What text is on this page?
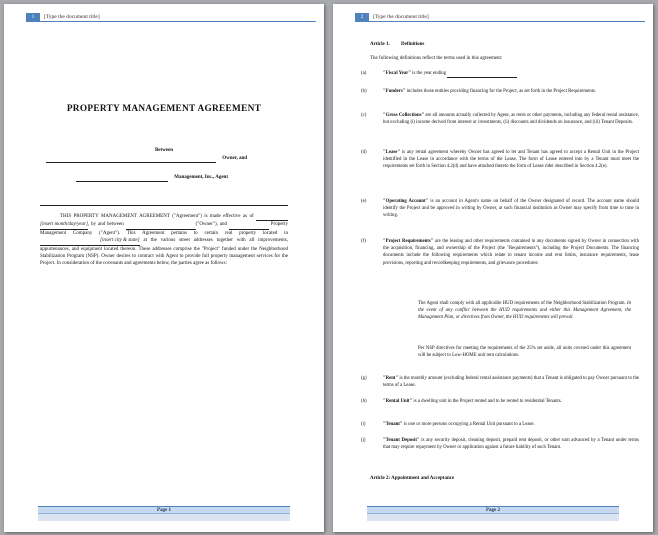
1	[Type the document title]
PROPERTY MANAGEMENT AGREEMENT
Between
Owner, and
Management, Inc., Agent
THIS PROPERTY MANAGEMENT AGREEMENT ("Agreement") is made effective as of  [insert month/day/year], by and between	("Owner"), and	Property Management Company ("Agent"). This Agreement pertains to certain real property located in  [insert city & state] at the various street addresses together with all improvements, appurtenances, and equipment located thereon. These addresses comprise the "Project" funded under the Neighborhood Stabilization Program (NSP). Owner desires to contract with Agent to provide full property management services for the Project. In consideration of the covenants and agreements below, the parties agree as follows:
Page 1
2	[Type the document title]
Article 1. Definitions
The following definitions reflect the terms used in this agreement:
(a)	"Fiscal Year" is the year ending
(b)	"Funders" includes those entities providing financing for the Project, as set forth in the Project Requirements.
(c)	"Gross Collections" are all amounts actually collected by Agent, as rents or other payments, including any federal rental assistance, but excluding (i) income derived from interest or investments, (ii) discounts and dividends on insurance, and (iii) Tenant Deposits.
(d)	"Lease" is any rental agreement whereby Owner has agreed to let and Tenant has agreed to accept a Rental Unit in the Project identified in the Lease in accordance with the terms of the Lease. The form of Lease entered into by a Tenant must meet the requirements set forth in Section 4.2(d) and have attached thereto the form of Lease rider described in Section 4.2(e).
(e)	"Operating Account" is an account in Agent's name on behalf of the Owner designated of record. The account name should identify the Project and be approved in writing by Owner, at such financial institution as Owner may specify from time to time in writing.
(f)	"Project Requirements" are the leasing and other requirements contained in any documents signed by Owner in connection with the acquisition, financing, and ownership of the Project (the "Requirements"), including the Project Documents. The financing documents include the following requirements which relate to tenant income and rent limits, insurance requirements, lease provisions, reporting and recordkeeping requirements, and grievance procedures:
The Agent shall comply with all applicable HUD requirements of the Neighborhood Stabilization Program. In the event of any conflict between the HUD requirements and either this Management Agreement, the Management Plan, or directives from Owner, the HUD requirements will prevail.
Per NSP directives for meeting the requirements of the 25% set aside, all units covered under this agreement will be subject to Low-HOME unit rent calculations.
(g)	"Rent" is the monthly amount (excluding federal rental assistance payments) that a Tenant is obligated to pay Owner pursuant to the terms of a Lease.
(h)	"Rental Unit" is a dwelling unit in the Project rented and to be rented to residential Tenants.
(i)	"Tenant" is one or more persons occupying a Rental Unit pursuant to a Lease.
(j)	"Tenant Deposit" is any security deposit, cleaning deposit, prepaid rent deposit, or other sum advanced by a Tenant under terms that may require repayment by Owner or application against a future liability of such Tenant.
Article 2: Appointment and Acceptance
Page 2
